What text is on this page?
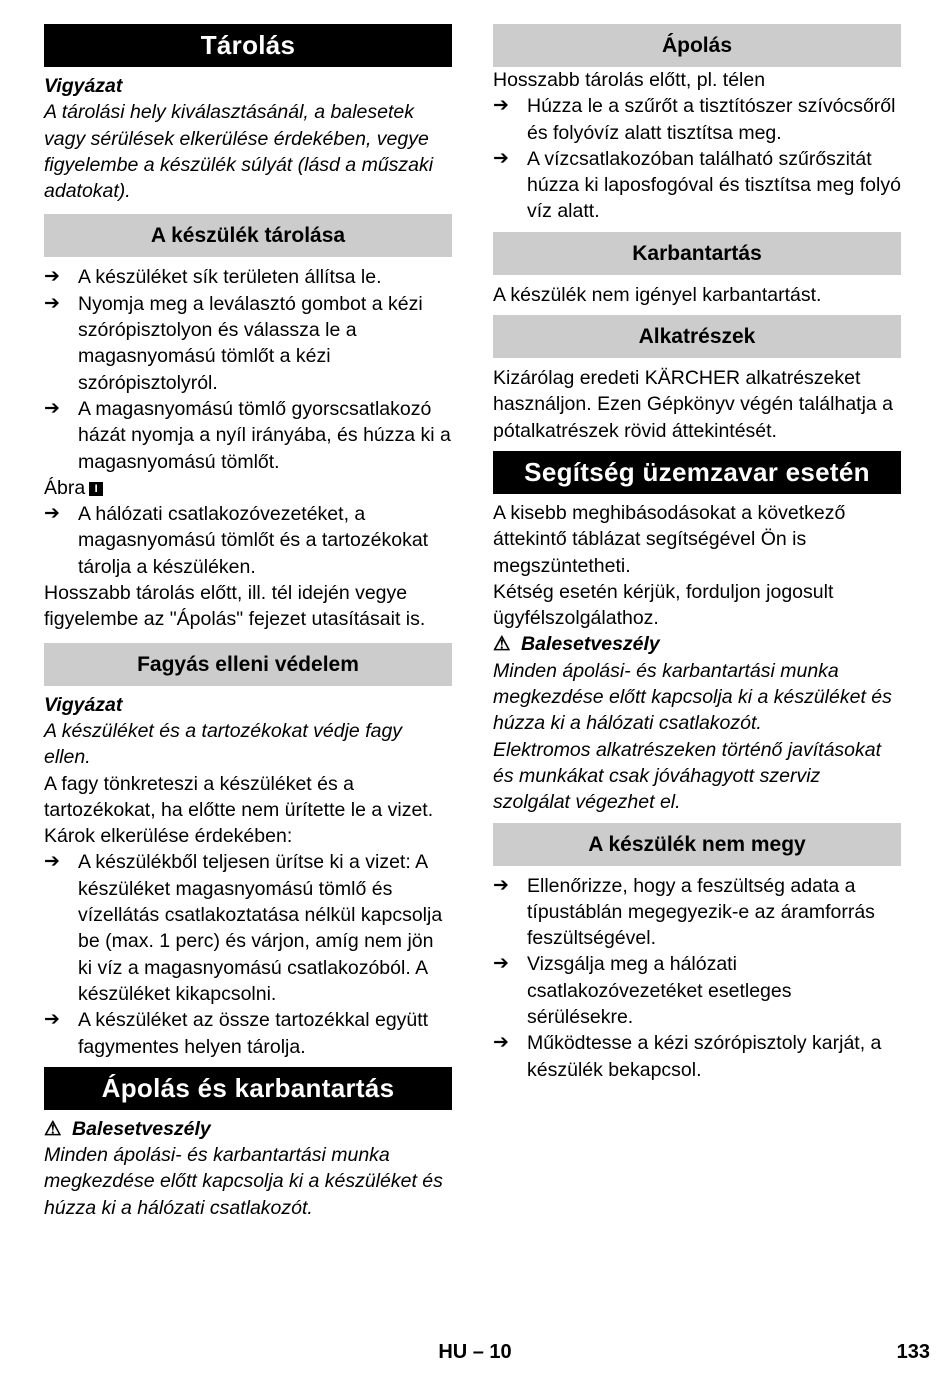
Tárolás
Vigyázat
A tárolási hely kiválasztásánál, a balesetek vagy sérülések elkerülése érdekében, vegye figyelembe a készülék súlyát (lásd a műszaki adatokat).
A készülék tárolása
➔ A készüléket sík területen állítsa le.
➔ Nyomja meg a leválasztó gombot a kézi szórópisztolyon és válassza le a magasnyomású tömlőt a kézi szórópisztolyról.
➔ A magasnyomású tömlő gyorscsatlakozó házát nyomja a nyíl irányába, és húzza ki a magasnyomású tömlőt.
Ábra I
➔ A hálózati csatlakozóvezetéket, a magasnyomású tömlőt és a tartozékokat tárolja a készüléken.
Hosszabb tárolás előtt, ill. tél idején vegye figyelembe az "Ápolás" fejezet utasításait is.
Fagyás elleni védelem
Vigyázat
A készüléket és a tartozékokat védje fagy ellen.
A fagy tönkreteszi a készüléket és a tartozékokat, ha előtte nem ürítette le a vizet.
Károk elkerülése érdekében:
➔ A készülékből teljesen ürítse ki a vizet: A készüléket magasnyomású tömlő és vízellátás csatlakoztatása nélkül kapcsolja be (max. 1 perc) és várjon, amíg nem jön ki víz a magasnyomású csatlakozóból. A készüléket kikapcsolni.
➔ A készüléket az össze tartozékkal együtt fagymentes helyen tárolja.
Ápolás és karbantartás
⚠ Balesetveszély
Minden ápolási- és karbantartási munka megkezdése előtt kapcsolja ki a készüléket és húzza ki a hálózati csatlakozót.
Ápolás
Hosszabb tárolás előtt, pl. télen
➔ Húzza le a szűrőt a tisztítószer szívócsőről és folyóvíz alatt tisztítsa meg.
➔ A vízcsatlakozóban található szűrőszitát húzza ki laposfogóval és tisztítsa meg folyó víz alatt.
Karbantartás
A készülék nem igényel karbantartást.
Alkatrészek
Kizárólag eredeti KÄRCHER alkatrészeket használjon. Ezen Gépkönyv végén találhatja a pótalkatrészek rövid áttekintését.
Segítség üzemzavar esetén
A kisebb meghibásodásokat a következő áttekintő táblázat segítségével Ön is megszüntetheti.
Kétség esetén kérjük, forduljon jogosult ügyfélszolgálathoz.
⚠ Balesetveszély
Minden ápolási- és karbantartási munka megkezdése előtt kapcsolja ki a készüléket és húzza ki a hálózati csatlakozót.
Elektromos alkatrészeken történő javításokat és munkákat csak jóváhagyott szerviz szolgálat végezhet el.
A készülék nem megy
➔ Ellenőrizze, hogy a feszültség adata a típustáblán megegyezik-e az áramforrás feszültségével.
➔ Vizsgálja meg a hálózati csatlakozóvezetéket esetleges sérülésekre.
➔ Működtesse a kézi szórópisztoly karját, a készülék bekapcsol.
HU – 10	133
